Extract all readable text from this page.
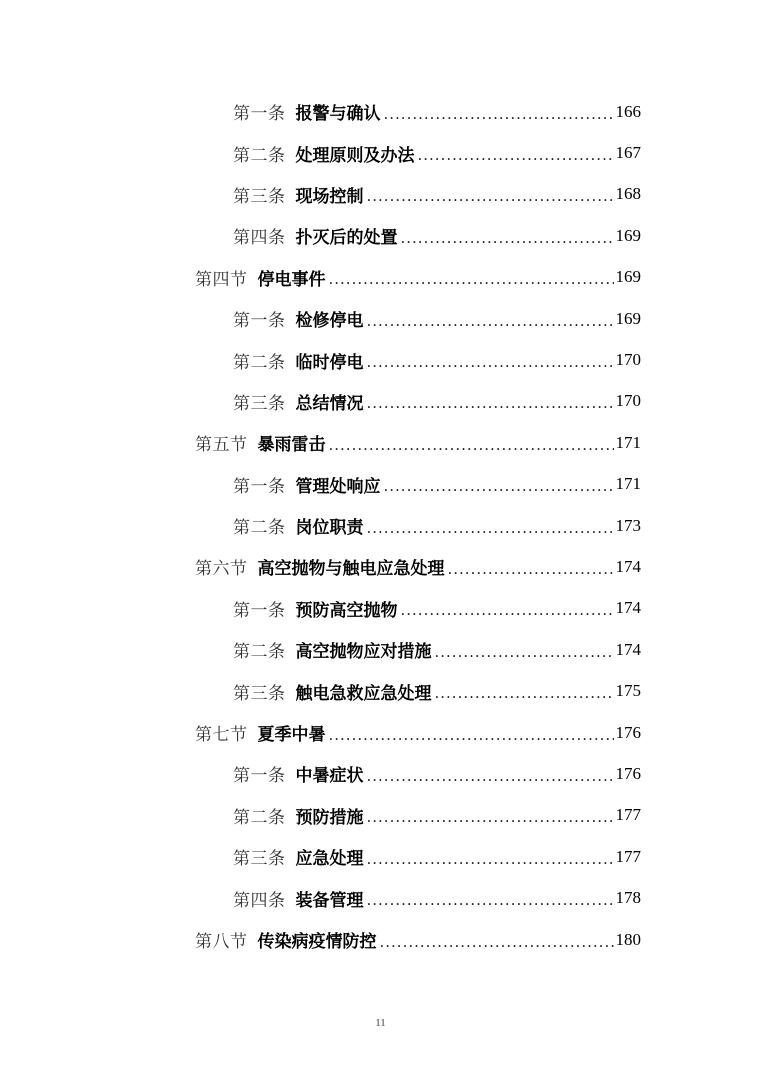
第一条 报警与确认 .....	166
第二条 处理原则及办法 .....	167
第三条 现场控制 .....	168
第四条 扑灭后的处置 .....	169
第四节 停电事件 .....	169
第一条 检修停电 .....	169
第二条 临时停电 .....	170
第三条 总结情况 .....	170
第五节 暴雨雷击 .....	171
第一条 管理处响应 .....	171
第二条 岗位职责 .....	173
第六节 高空抛物与触电应急处理 .....	174
第一条 预防高空抛物 .....	174
第二条 高空抛物应对措施 .....	174
第三条 触电急救应急处理 .....	175
第七节 夏季中暑 .....	176
第一条 中暑症状 .....	176
第二条 预防措施 .....	177
第三条 应急处理 .....	177
第四条 装备管理 .....	178
第八节 传染病疫情防控 .....	180
11
